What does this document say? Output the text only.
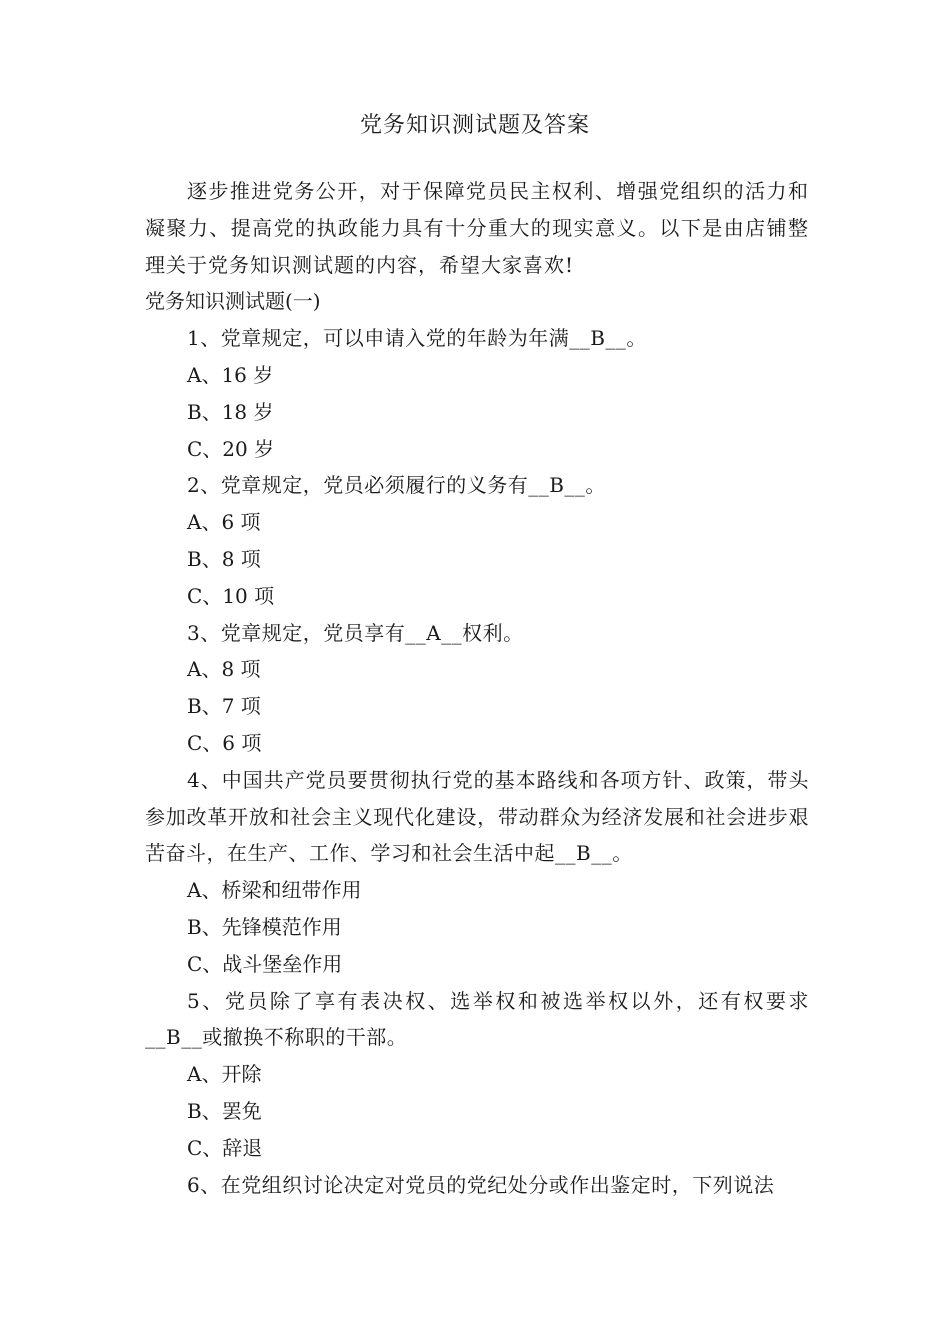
党务知识测试题及答案

逐步推进党务公开，对于保障党员民主权利、增强党组织的活力和凝聚力、提高党的执政能力具有十分重大的现实意义。以下是由店铺整理关于党务知识测试题的内容，希望大家喜欢!

党务知识测试题(一)

1、党章规定，可以申请入党的年龄为年满__B__。

A、16 岁

B、18 岁

C、20 岁

2、党章规定，党员必须履行的义务有__B__。

A、6 项

B、8 项

C、10 项

3、党章规定，党员享有__A__权利。

A、8 项

B、7 项

C、6 项

4、中国共产党员要贯彻执行党的基本路线和各项方针、政策，带头参加改革开放和社会主义现代化建设，带动群众为经济发展和社会进步艰苦奋斗，在生产、工作、学习和社会生活中起__B__。

A、桥梁和纽带作用

B、先锋模范作用

C、战斗堡垒作用

5、党员除了享有表决权、选举权和被选举权以外，还有权要求__B__或撤换不称职的干部。

A、开除

B、罢免

C、辞退

6、在党组织讨论决定对党员的党纪处分或作出鉴定时，下列说法
